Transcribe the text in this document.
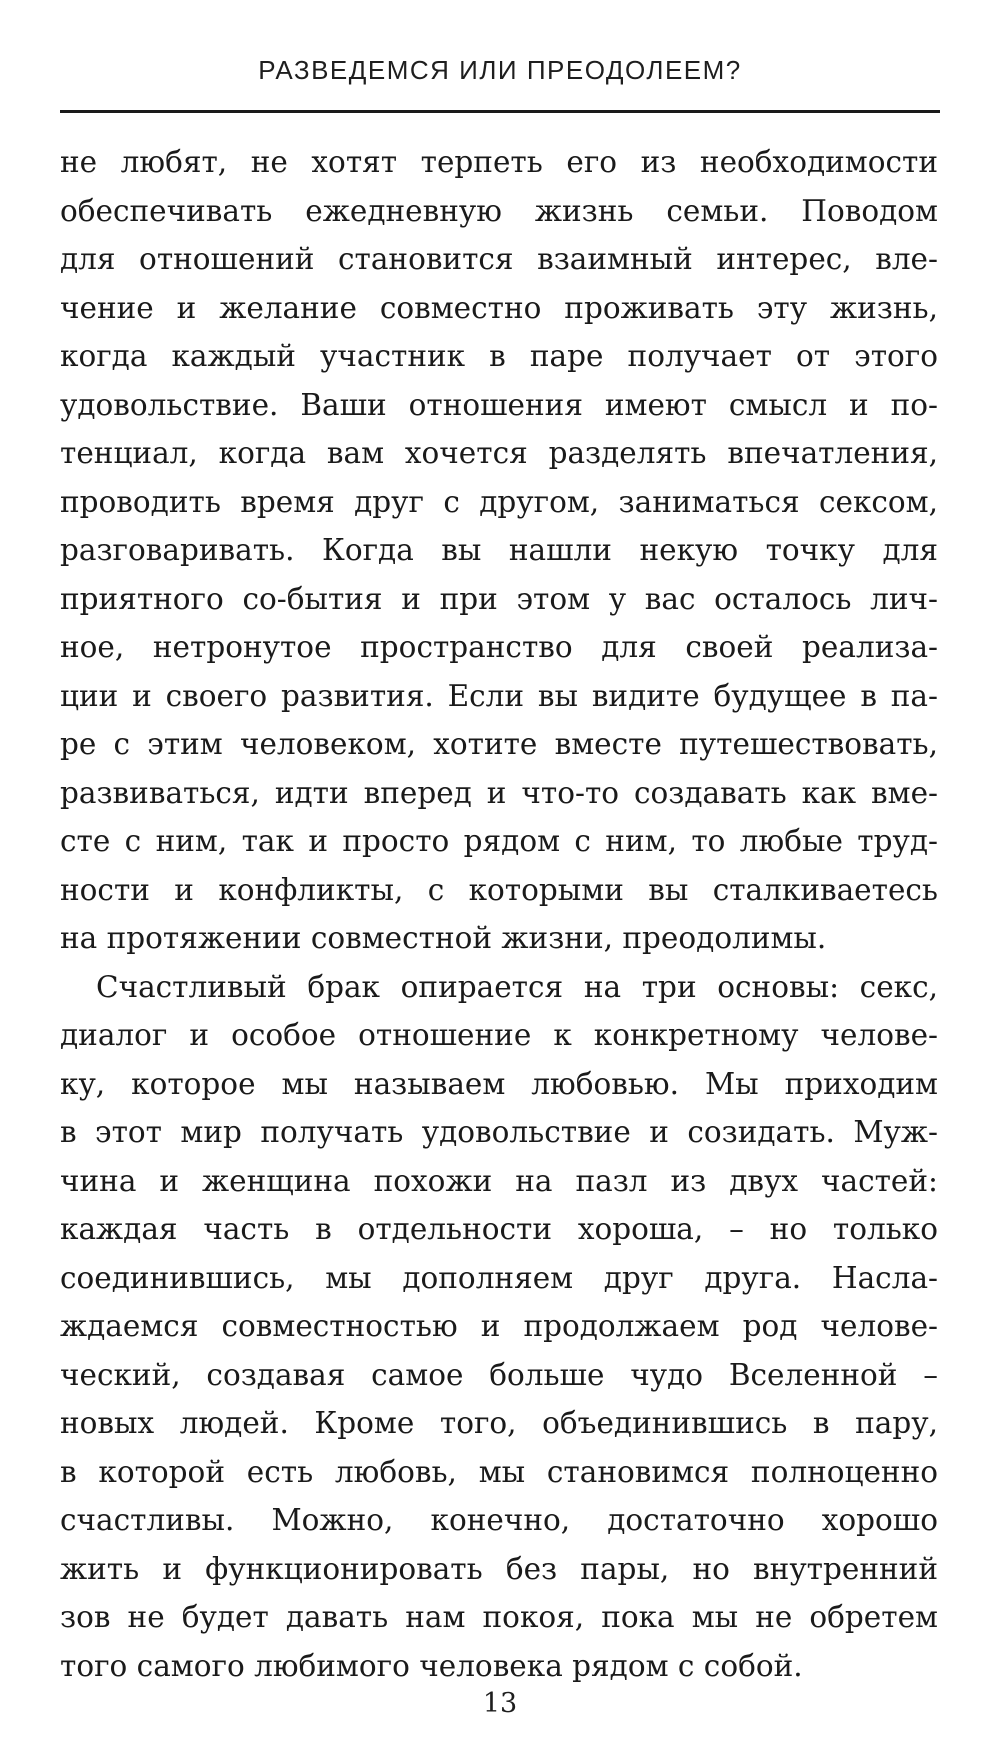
РАЗВЕДЕМСЯ ИЛИ ПРЕОДОЛЕЕМ?
не любят, не хотят терпеть его из необходимости
обеспечивать ежедневную жизнь семьи. Поводом
для отношений становится взаимный интерес, вле-
чение и желание совместно проживать эту жизнь,
когда каждый участник в паре получает от этого
удовольствие. Ваши отношения имеют смысл и по-
тенциал, когда вам хочется разделять впечатления,
проводить время друг с другом, заниматься сексом,
разговаривать. Когда вы нашли некую точку для
приятного со-бытия и при этом у вас осталось лич-
ное, нетронутое пространство для своей реализа-
ции и своего развития. Если вы видите будущее в па-
ре с этим человеком, хотите вместе путешествовать,
развиваться, идти вперед и что-то создавать как вме-
сте с ним, так и просто рядом с ним, то любые труд-
ности и конфликты, с которыми вы сталкиваетесь
на протяжении совместной жизни, преодолимы.
Счастливый брак опирается на три основы: секс,
диалог и особое отношение к конкретному челове-
ку, которое мы называем любовью. Мы приходим
в этот мир получать удовольствие и созидать. Муж-
чина и женщина похожи на пазл из двух частей:
каждая часть в отдельности хороша, – но только
соединившись, мы дополняем друг друга. Насла-
ждаемся совместностью и продолжаем род челове-
ческий, создавая самое больше чудо Вселенной –
новых людей. Кроме того, объединившись в пару,
в которой есть любовь, мы становимся полноценно
счастливы. Можно, конечно, достаточно хорошо
жить и функционировать без пары, но внутренний
зов не будет давать нам покоя, пока мы не обретем
того самого любимого человека рядом с собой.
13
